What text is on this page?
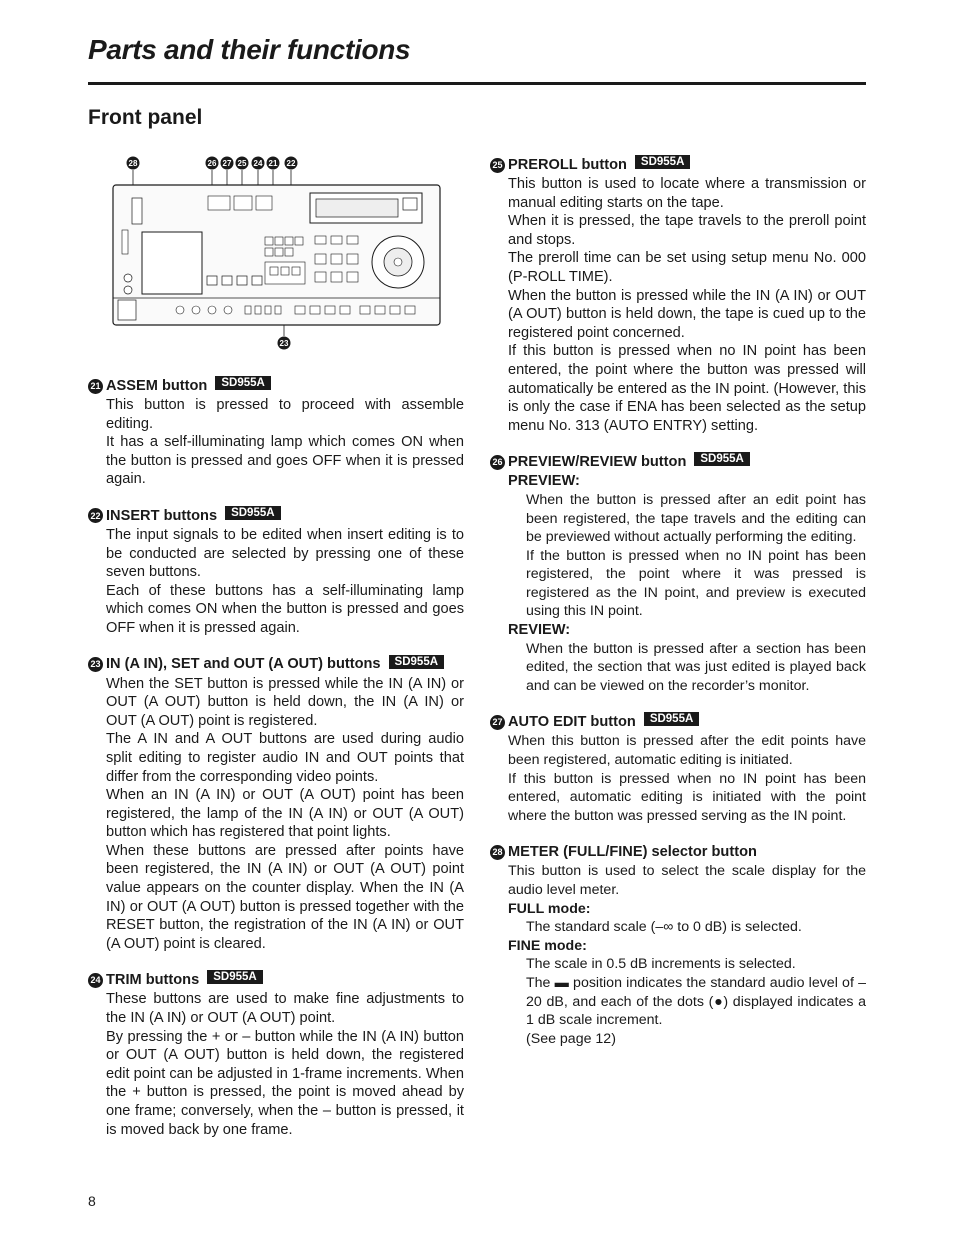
Parts and their functions
Front panel
28	26 27 25 24 21 22
23
21 ASSEM button	SD955A

This button is pressed to proceed with assemble editing.

It has a self-illuminating lamp which comes ON when the button is pressed and goes OFF when it is pressed again.

22 INSERT buttons	SD955A

The input signals to be edited when insert editing is to be conducted are selected by pressing one of these seven buttons.

Each of these buttons has a self-illuminating lamp which comes ON when the button is pressed and goes OFF when it is pressed again.

23 IN (A IN), SET and OUT (A OUT) buttons	SD955A

When the SET button is pressed while the IN (A IN) or OUT (A OUT) button is held down, the IN (A IN) or OUT (A OUT) point is registered.

The A IN and A OUT buttons are used during audio split editing to register audio IN and OUT points that differ from the corresponding video points.

When an IN (A IN) or OUT (A OUT) point has been registered, the lamp of the IN (A IN) or OUT (A OUT) button which has registered that point lights.

When these buttons are pressed after points have been registered, the IN (A IN) or OUT (A OUT) point value appears on the counter display. When the IN (A IN) or OUT (A OUT) button is pressed together with the RESET button, the registration of the IN (A IN) or OUT (A OUT) point is cleared.

24 TRIM buttons	SD955A

These buttons are used to make fine adjustments to the IN (A IN) or OUT (A OUT) point.

By pressing the + or – button while the IN (A IN) button or OUT (A OUT) button is held down, the registered edit point can be adjusted in 1-frame increments. When the + button is pressed, the point is moved ahead by one frame; conversely, when the – button is pressed, it is moved back by one frame.

25 PREROLL button	SD955A

This button is used to locate where a transmission or manual editing starts on the tape.

When it is pressed, the tape travels to the preroll point and stops.

The preroll time can be set using setup menu No. 000 (P-ROLL TIME).

When the button is pressed while the IN (A IN) or OUT (A OUT) button is held down, the tape is cued up to the registered point concerned.

If this button is pressed when no IN point has been entered, the point where the button was pressed will automatically be entered as the IN point. (However, this is only the case if ENA has been selected as the setup menu No. 313 (AUTO ENTRY) setting.

26 PREVIEW/REVIEW button	SD955A

PREVIEW:

When the button is pressed after an edit point has been registered, the tape travels and the editing can be previewed without actually performing the editing.

If the button is pressed when no IN point has been registered, the point where it was pressed is registered as the IN point, and preview is executed using this IN point.

REVIEW:

When the button is pressed after a section has been edited, the section that was just edited is played back and can be viewed on the recorder’s monitor.

27 AUTO EDIT button	SD955A

When this button is pressed after the edit points have been registered, automatic editing is initiated.

If this button is pressed when no IN point has been entered, automatic editing is initiated with the point where the button was pressed serving as the IN point.

28 METER (FULL/FINE) selector button

This button is used to select the scale display for the audio level meter.

FULL mode:

The standard scale (–∞ to 0 dB) is selected.

FINE mode:

The scale in 0.5 dB increments is selected.

The ▬ position indicates the standard audio level of –20 dB, and each of the dots (●) displayed indicates a 1 dB scale increment.

(See page 12)

8
